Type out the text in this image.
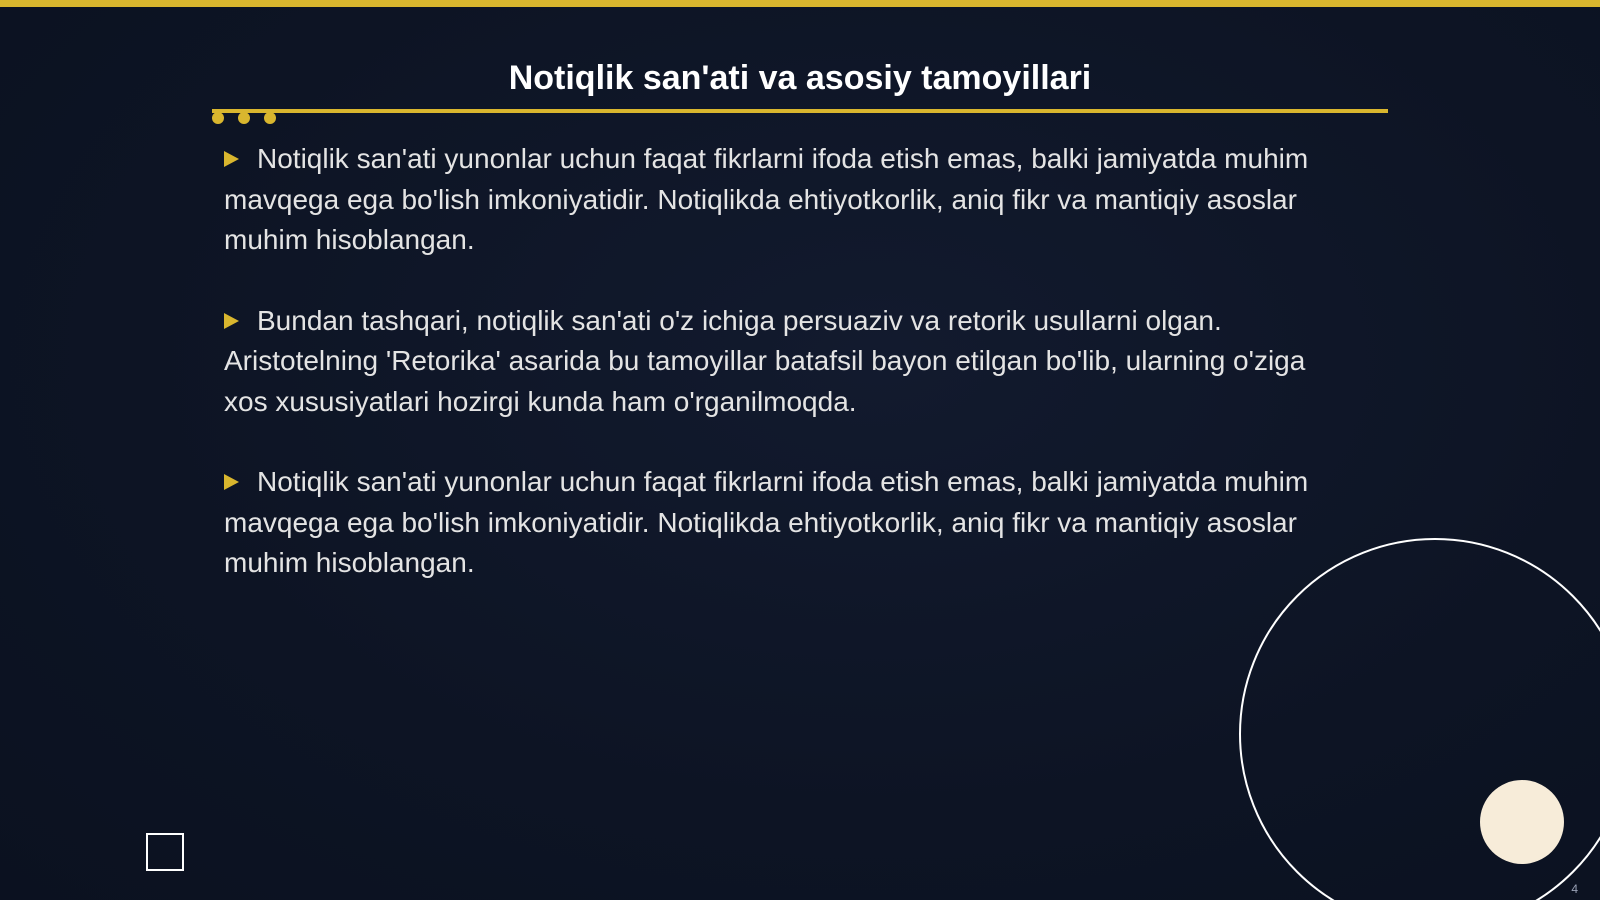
Notiqlik san'ati va asosiy tamoyillari
Notiqlik san'ati yunonlar uchun faqat fikrlarni ifoda etish emas, balki jamiyatda muhim mavqega ega bo'lish imkoniyatidir. Notiqlikda ehtiyotkorlik, aniq fikr va mantiqiy asoslar muhim hisoblangan.
Bundan tashqari, notiqlik san'ati o'z ichiga persuaziv va retorik usullarni olgan. Aristotelning 'Retorika' asarida bu tamoyillar batafsil bayon etilgan bo'lib, ularning o'ziga xos xususiyatlari hozirgi kunda ham o'rganilmoqda.
Notiqlik san'ati yunonlar uchun faqat fikrlarni ifoda etish emas, balki jamiyatda muhim mavqega ega bo'lish imkoniyatidir. Notiqlikda ehtiyotkorlik, aniq fikr va mantiqiy asoslar muhim hisoblangan.
4
